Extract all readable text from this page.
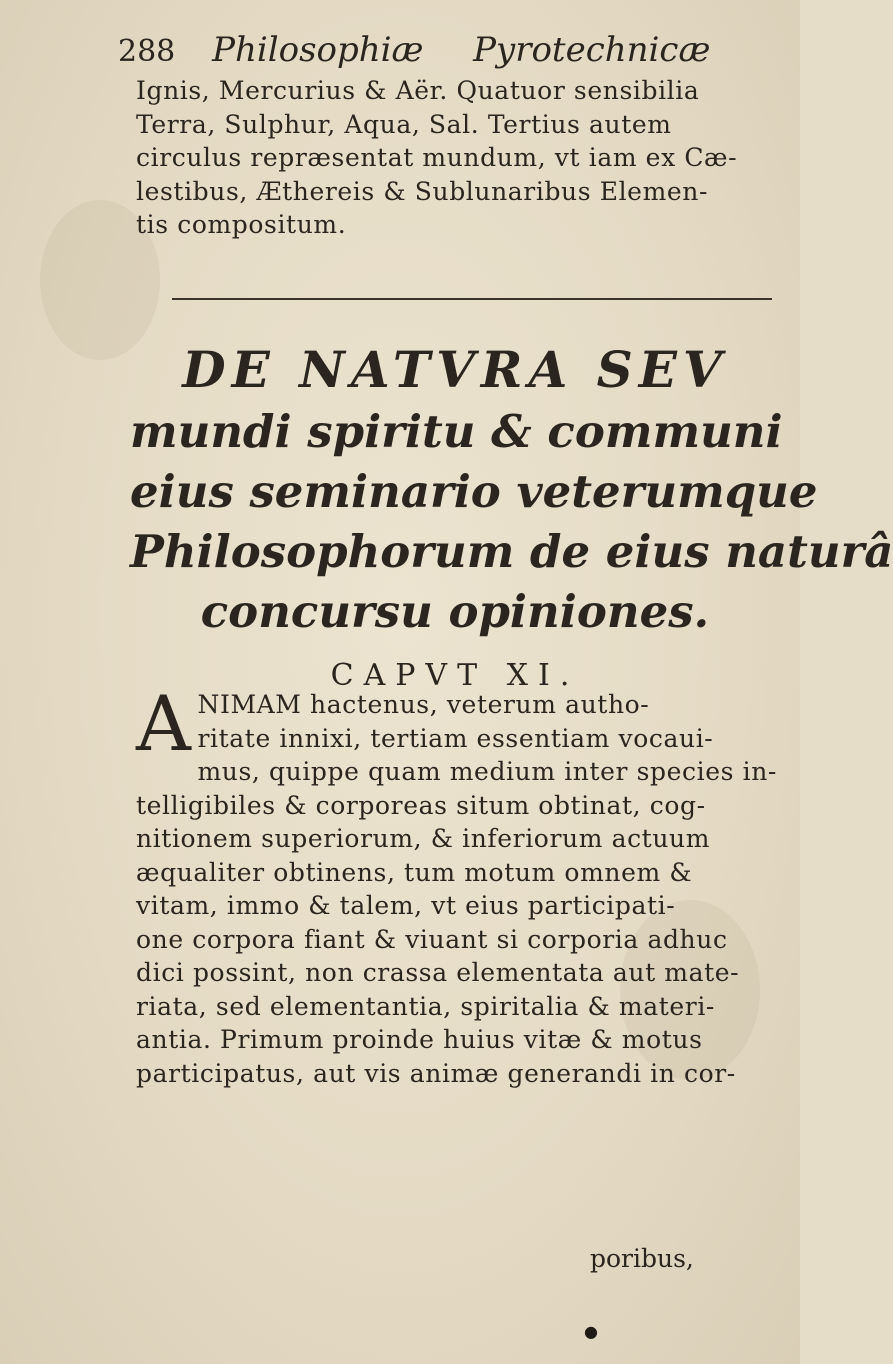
288 Philosophiæ Pyrotechnicæ
Ignis, Mercurius & Aër. Quatuor sensibilia
Terra, Sulphur, Aqua, Sal. Tertius autem
circulus repræsentat mundum, vt iam ex Cæ-
lestibus, Æthereis & Sublunaribus Elemen-
tis compositum.
DE NATVRA SEV
mundi spiritu & communi
eius seminario veterumque
Philosophorum de eius naturâ
concursu opiniones.
CAPVT XI.
A NIMAM hactenus, veterum autho-
ritate innixi, tertiam essentiam vocaui-
mus, quippe quam medium inter species in-
telligibiles & corporeas situm obtinat, cog-
nitionem superiorum, & inferiorum actuum
æqualiter obtinens, tum motum omnem &
vitam, immo & talem, vt eius participati-
one corpora fiant & viuant si corporia adhuc
dici possint, non crassa elementata aut mate-
riata, sed elementantia, spiritalia & materi-
antia. Primum proinde huius vitæ & motus
participatus, aut vis animæ generandi in cor-
poribus,
●
